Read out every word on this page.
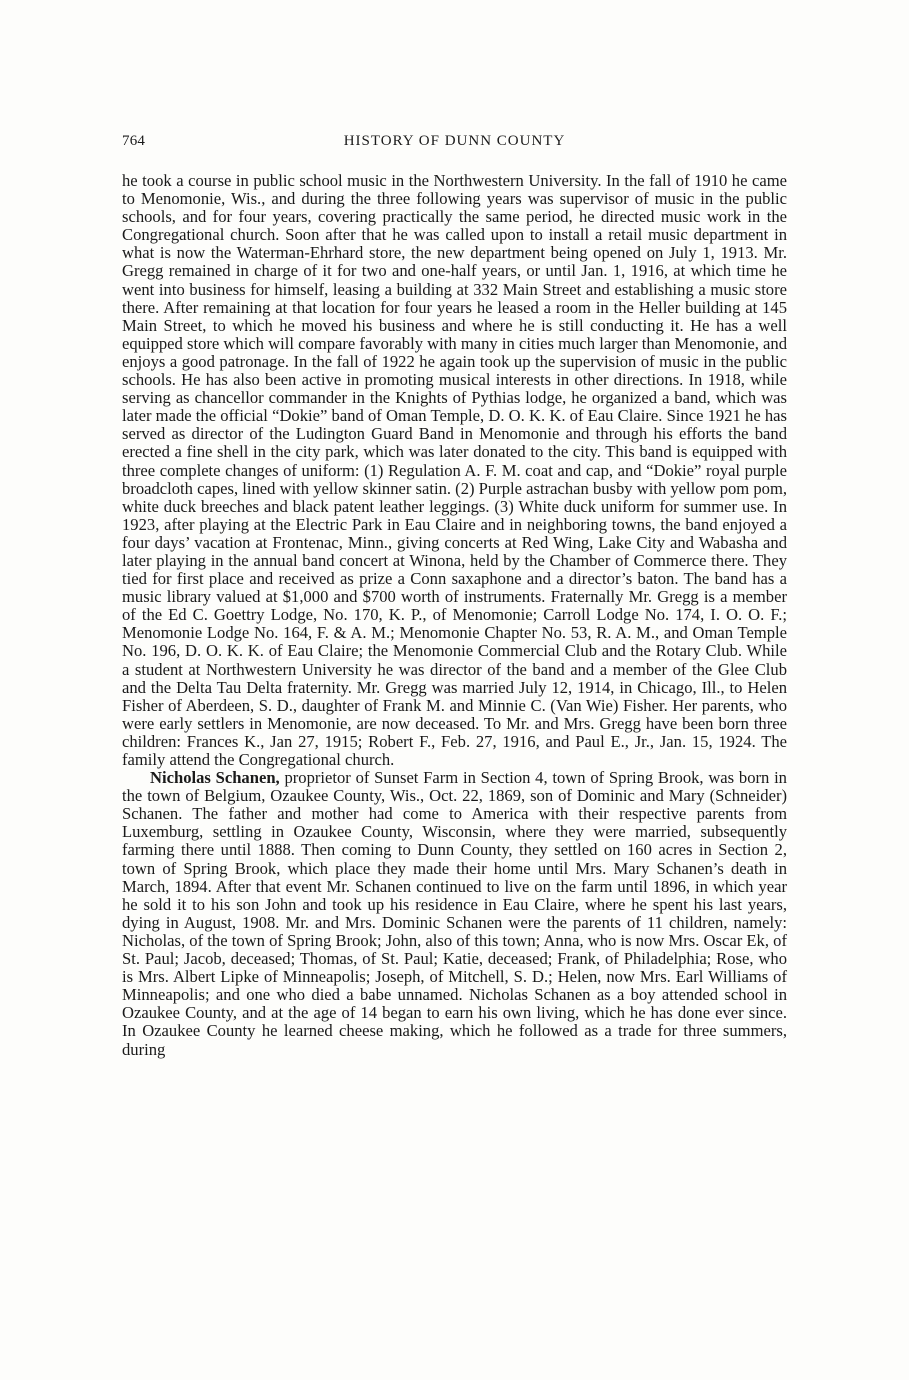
764	HISTORY OF DUNN COUNTY

he took a course in public school music in the Northwestern University. In the fall of 1910 he came to Menomonie, Wis., and during the three following years was supervisor of music in the public schools, and for four years, covering practically the same period, he directed music work in the Congregational church. Soon after that he was called upon to install a retail music department in what is now the Waterman-Ehrhard store, the new department being opened on July 1, 1913. Mr. Gregg remained in charge of it for two and one-half years, or until Jan. 1, 1916, at which time he went into business for himself, leasing a building at 332 Main Street and establishing a music store there. After remaining at that location for four years he leased a room in the Heller building at 145 Main Street, to which he moved his business and where he is still conducting it. He has a well equipped store which will compare favorably with many in cities much larger than Menomonie, and enjoys a good patronage. In the fall of 1922 he again took up the supervision of music in the public schools. He has also been active in promoting musical interests in other directions. In 1918, while serving as chancellor commander in the Knights of Pythias lodge, he organized a band, which was later made the official “Dokie” band of Oman Temple, D. O. K. K. of Eau Claire. Since 1921 he has served as director of the Ludington Guard Band in Menomonie and through his efforts the band erected a fine shell in the city park, which was later donated to the city. This band is equipped with three complete changes of uniform: (1) Regulation A. F. M. coat and cap, and “Dokie” royal purple broadcloth capes, lined with yellow skinner satin. (2) Purple astrachan busby with yellow pom pom, white duck breeches and black patent leather leggings. (3) White duck uniform for summer use. In 1923, after playing at the Electric Park in Eau Claire and in neighboring towns, the band enjoyed a four days’ vacation at Frontenac, Minn., giving concerts at Red Wing, Lake City and Wabasha and later playing in the annual band concert at Winona, held by the Chamber of Commerce there. They tied for first place and received as prize a Conn saxaphone and a director’s baton. The band has a music library valued at $1,000 and $700 worth of instruments. Fraternally Mr. Gregg is a member of the Ed C. Goettry Lodge, No. 170, K. P., of Menomonie; Carroll Lodge No. 174, I. O. O. F.; Menomonie Lodge No. 164, F. & A. M.; Menomonie Chapter No. 53, R. A. M., and Oman Temple No. 196, D. O. K. K. of Eau Claire; the Menomonie Commercial Club and the Rotary Club. While a student at Northwestern University he was director of the band and a member of the Glee Club and the Delta Tau Delta fraternity. Mr. Gregg was married July 12, 1914, in Chicago, Ill., to Helen Fisher of Aberdeen, S. D., daughter of Frank M. and Minnie C. (Van Wie) Fisher. Her parents, who were early settlers in Menomonie, are now deceased. To Mr. and Mrs. Gregg have been born three children: Frances K., Jan 27, 1915; Robert F., Feb. 27, 1916, and Paul E., Jr., Jan. 15, 1924. The family attend the Congregational church.

Nicholas Schanen, proprietor of Sunset Farm in Section 4, town of Spring Brook, was born in the town of Belgium, Ozaukee County, Wis., Oct. 22, 1869, son of Dominic and Mary (Schneider) Schanen. The father and mother had come to America with their respective parents from Luxemburg, settling in Ozaukee County, Wisconsin, where they were married, subsequently farming there until 1888. Then coming to Dunn County, they settled on 160 acres in Section 2, town of Spring Brook, which place they made their home until Mrs. Mary Schanen’s death in March, 1894. After that event Mr. Schanen continued to live on the farm until 1896, in which year he sold it to his son John and took up his residence in Eau Claire, where he spent his last years, dying in August, 1908. Mr. and Mrs. Dominic Schanen were the parents of 11 children, namely: Nicholas, of the town of Spring Brook; John, also of this town; Anna, who is now Mrs. Oscar Ek, of St. Paul; Jacob, deceased; Thomas, of St. Paul; Katie, deceased; Frank, of Philadelphia; Rose, who is Mrs. Albert Lipke of Minneapolis; Joseph, of Mitchell, S. D.; Helen, now Mrs. Earl Williams of Minneapolis; and one who died a babe unnamed. Nicholas Schanen as a boy attended school in Ozaukee County, and at the age of 14 began to earn his own living, which he has done ever since. In Ozaukee County he learned cheese making, which he followed as a trade for three summers, during
